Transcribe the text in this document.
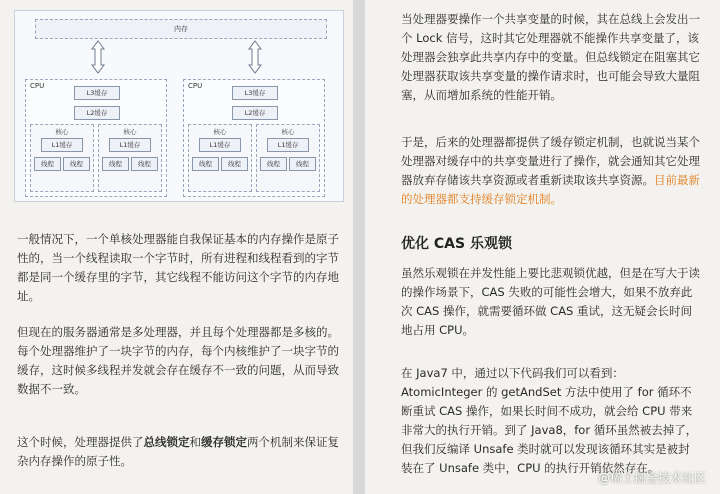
内存
CPU
L3缓存
L2缓存
核心
L1缓存
线程	线程
核心
L1缓存
线程	线程
CPU
L3缓存
L2缓存
核心
L1缓存
线程	线程
核心
L1缓存
线程	线程

一般情况下，一个单核处理器能自我保证基本的内存操作是原子性的，当一个线程读取一个字节时，所有进程和线程看到的字节都是同一个缓存里的字节，其它线程不能访问这个字节的内存地址。

但现在的服务器通常是多处理器，并且每个处理器都是多核的。每个处理器维护了一块字节的内存，每个内核维护了一块字节的缓存，这时候多线程并发就会存在缓存不一致的问题，从而导致数据不一致。

这个时候，处理器提供了总线锁定和缓存锁定两个机制来保证复杂内存操作的原子性。

当处理器要操作一个共享变量的时候，其在总线上会发出一个 Lock 信号，这时其它处理器就不能操作共享变量了，该处理器会独享此共享内存中的变量。但总线锁定在阻塞其它处理器获取该共享变量的操作请求时，也可能会导致大量阻塞，从而增加系统的性能开销。

于是，后来的处理器都提供了缓存锁定机制，也就说当某个处理器对缓存中的共享变量进行了操作，就会通知其它处理器放弃存储该共享资源或者重新读取该共享资源。目前最新的处理器都支持缓存锁定机制。

优化 CAS 乐观锁

虽然乐观锁在并发性能上要比悲观锁优越，但是在写大于读的操作场景下，CAS 失败的可能性会增大，如果不放弃此次 CAS 操作，就需要循环做 CAS 重试，这无疑会长时间地占用 CPU。

在 Java7 中，通过以下代码我们可以看到：AtomicInteger 的 getAndSet 方法中使用了 for 循环不断重试 CAS 操作，如果长时间不成功，就会给 CPU 带来非常大的执行开销。到了 Java8，for 循环虽然被去掉了，但我们反编译 Unsafe 类时就可以发现该循环其实是被封装在了 Unsafe 类中，CPU 的执行开销依然存在。

@稀土掘金技术社区
